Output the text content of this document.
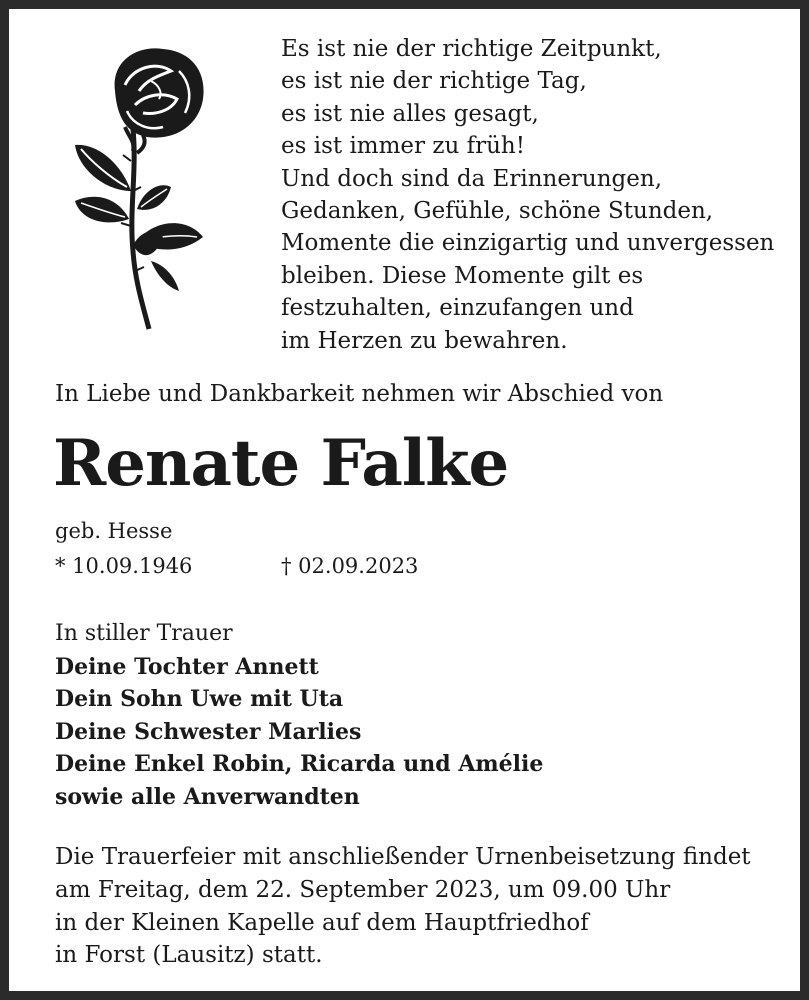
Es ist nie der richtige Zeitpunkt,
es ist nie der richtige Tag,
es ist nie alles gesagt,
es ist immer zu früh!
Und doch sind da Erinnerungen,
Gedanken, Gefühle, schöne Stunden,
Momente die einzigartig und unvergessen
bleiben. Diese Momente gilt es
festzuhalten, einzufangen und
im Herzen zu bewahren.
In Liebe und Dankbarkeit nehmen wir Abschied von
Renate Falke
geb. Hesse
* 10.09.1946	† 02.09.2023
In stiller Trauer
Deine Tochter Annett
Dein Sohn Uwe mit Uta
Deine Schwester Marlies
Deine Enkel Robin, Ricarda und Amélie
sowie alle Anverwandten
Die Trauerfeier mit anschließender Urnenbeisetzung findet
am Freitag, dem 22. September 2023, um 09.00 Uhr
in der Kleinen Kapelle auf dem Hauptfriedhof
in Forst (Lausitz) statt.
